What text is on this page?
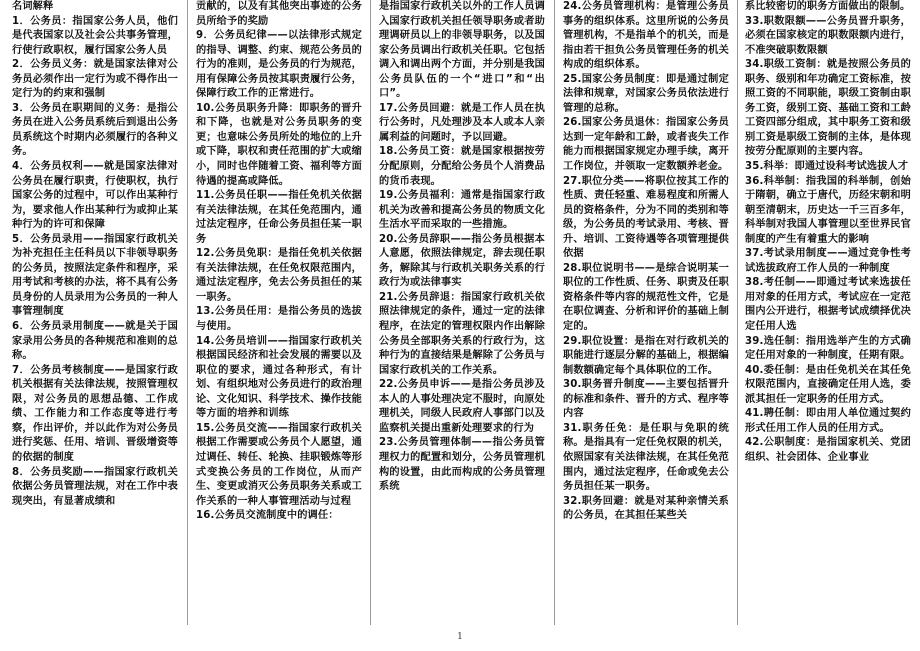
名词解释

1．公务员：指国家公务人员，他们是代表国家以及社会公共事务管理，行使行政职权，履行国家公务人员

2．公务员义务：就是国家法律对公务员必须作出一定行为或不得作出一定行为的约束和强制

3．公务员在职期间的义务：是指公务员在进入公务员系统后到退出公务员系统这个时期内必须履行的各种义务。

4．公务员权利——就是国家法律对公务员在履行职责，行使职权，执行国家公务的过程中，可以作出某种行为，要求他人作出某种行为或抑止某种行为的许可和保障

5．公务员录用——指国家行政机关为补充担任主任科员以下非领导职务的公务员，按照法定条件和程序，采用考试和考核的办法，将不具有公务员身份的人员录用为公务员的一种人事管理制度

6．公务员录用制度——就是关于国家录用公务员的各种规范和准则的总称。

7．公务员考核制度——是国家行政机关根据有关法律法规，按照管理权限，对公务员的思想品德、工作成绩、工作能力和工作态度等进行考察，作出评价，并以此作为对公务员进行奖惩、任用、培训、晋级增资等的依据的制度

8．公务员奖励——指国家行政机关依据公务员管理法规，对在工作中表现突出，有显著成绩和

贡献的，以及有其他突出事迹的公务员所给予的奖励

9．公务员纪律——以法律形式规定的指导、调整、约束、规范公务员的行为的准则，是公务员的行为规范，用有保障公务员按其职责履行公务，保障行政工作的正常进行。

10.公务员职务升降：即职务的晋升和下降，也就是对公务员职务的变更；也意味公务员所处的地位的上升或下降，职权和责任范围的扩大或缩小，同时也伴随着工资、福利等方面待遇的提高或降低。

11.公务员任职——指任免机关依据有关法律法规，在其任免范围内，通过法定程序，任命公务员担任某一职务

12.公务员免职：是指任免机关依据有关法律法规，在任免权限范围内，通过法定程序，免去公务员担任的某一职务。

13.公务员任用：是指公务员的选拔与使用。

14.公务员培训——指国家行政机关根据国民经济和社会发展的需要以及职位的要求，通过各种形式，有计划、有组织地对公务员进行的政治理论、文化知识、科学技术、操作技能等方面的培养和训练

15.公务员交流——指国家行政机关根据工作需要或公务员个人愿望，通过调任、转任、轮换、挂职锻炼等形式变换公务员的工作岗位，从而产生、变更或消灭公务员职务关系或工作关系的一种人事管理活动与过程

16.公务员交流制度中的调任：

是指国家行政机关以外的工作人员调入国家行政机关担任领导职务或者助理调研员以上的非领导职务，以及国家公务员调出行政机关任职。它包括调入和调出两个方面，并分别是我国公务员队伍的一个“进口”和“出口”。

17.公务员回避：就是工作人员在执行公务时，凡处理涉及本人或本人亲属利益的问题时，予以回避。

18.公务员工资：就是国家根据按劳分配原则，分配给公务员个人消费品的货币表现。

19.公务员福利：通常是指国家行政机关为改善和提高公务员的物质文化生活水平而采取的一些措施。

20.公务员辞职——指公务员根据本人意愿，依照法律规定，辞去现任职务，解除其与行政机关职务关系的行政行为或法律事实

21.公务员辞退：指国家行政机关依照法律规定的条件，通过一定的法律程序，在法定的管理权限内作出解除公务员全部职务关系的行政行为，这种行为的直接结果是解除了公务员与国家行政机关的工作关系。

22.公务员申诉——是指公务员涉及本人的人事处理决定不服时，向原处理机关，同级人民政府人事部门以及监察机关提出重新处理要求的行为

23.公务员管理体制——指公务员管理权力的配置和划分，公务员管理机构的设置，由此而构成的公务员管理系统

24.公务员管理机构：是管理公务员事务的组织体系。这里所说的公务员管理机构，不是指单个的机关，而是指由若干担负公务员管理任务的机关构成的组织体系。

25.国家公务员制度：即是通过制定法律和规章，对国家公务员依法进行管理的总称。

26.国家公务员退休：指国家公务员达到一定年龄和工龄，或者丧失工作能力而根据国家规定办理手续，离开工作岗位，并领取一定数额养老金。

27.职位分类——将职位按其工作的性质、责任轻重、难易程度和所需人员的资格条件，分为不同的类别和等级，为公务员的考试录用、考核、晋升、培训、工资待遇等各项管理提供依据

28.职位说明书——是综合说明某一职位的工作性质、任务、职责及任职资格条件等内容的规范性文件，它是在职位调查、分析和评价的基础上制定的。

29.职位设置：是指在对行政机关的职能进行逐层分解的基础上，根据编制数额确定每个具体职位的工作。

30.职务晋升制度——主要包括晋升的标准和条件、晋升的方式、程序等内容

31.职务任免：是任职与免职的统称。是指具有一定任免权限的机关，依照国家有关法律法规，在其任免范围内，通过法定程序，任命或免去公务员担任某一职务。

32.职务回避：就是对某种亲情关系的公务员，在其担任某些关

系比较密切的职务方面做出的限制。

33.职数限额——公务员晋升职务，必须在国家核定的职数限额内进行，不准突破职数限额

34.职级工资制：就是按照公务员的职务、级别和年功确定工资标准，按照工资的不同职能，职级工资制由职务工资，级别工资、基础工资和工龄工资四部分组成，其中职务工资和级别工资是职级工资制的主体，是体现按劳分配原则的主要内容。

35.科举：即通过设科考试选拔人才

36.科举制：指我国的科举制，创始于隋朝，确立于唐代，历经宋朝和明朝至清朝末，历史达一千三百多年，科举制对我国人事管理以至世界民官制度的产生有着重大的影响

37.考试录用制度——通过竞争性考试选拔政府工作人员的一种制度

38.考任制——即通过考试来选拔任用对象的任用方式，考试应在一定范围内公开进行，根据考试成绩择优决定任用人选

39.选任制：指用选举产生的方式确定任用对象的一种制度，任期有限。

40.委任制：是由任免机关在其任免权限范围内，直接确定任用人选，委派其担任一定职务的任用方式。

41.聘任制：即由用人单位通过契约形式任用工作人员的任用方式。

42.公职制度：是指国家机关、党团组织、社会团体、企业事业

1
